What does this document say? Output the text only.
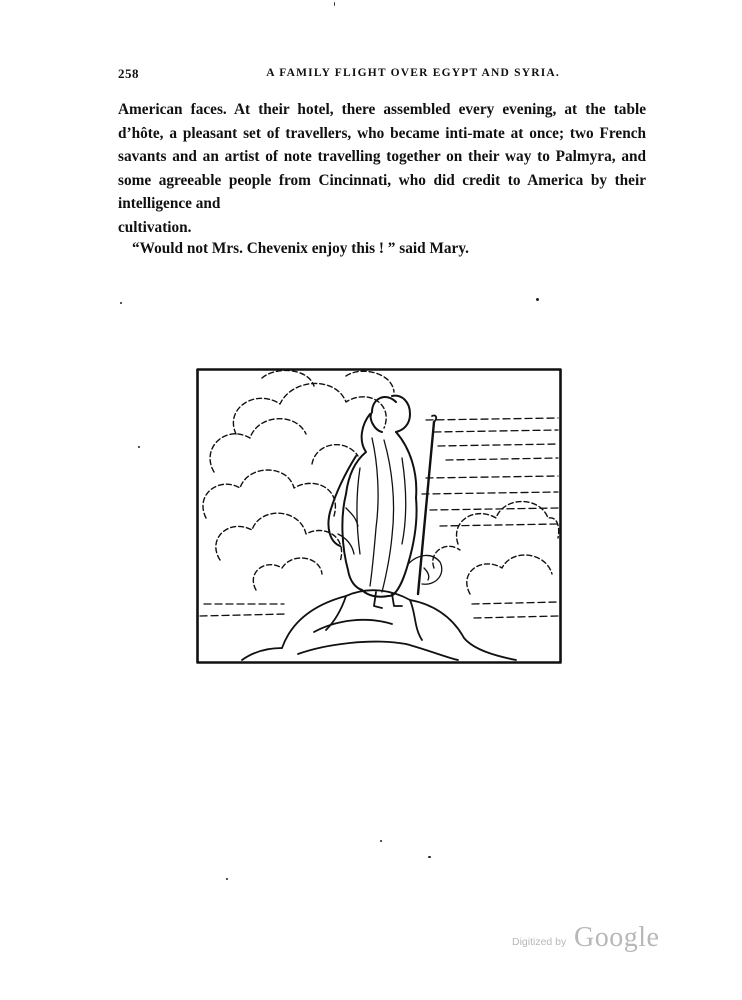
258	A FAMILY FLIGHT OVER EGYPT AND SYRIA.

American faces. At their hotel, there assembled every evening, at the table d’hôte, a pleasant set of travellers, who became inti-mate at once; two French savants and an artist of note travelling together on their way to Palmyra, and some agreeable people from Cincinnati, who did credit to America by their intelligence and
cultivation.

“Would not Mrs. Chevenix enjoy this ! ” said Mary.

Digitized by Google
